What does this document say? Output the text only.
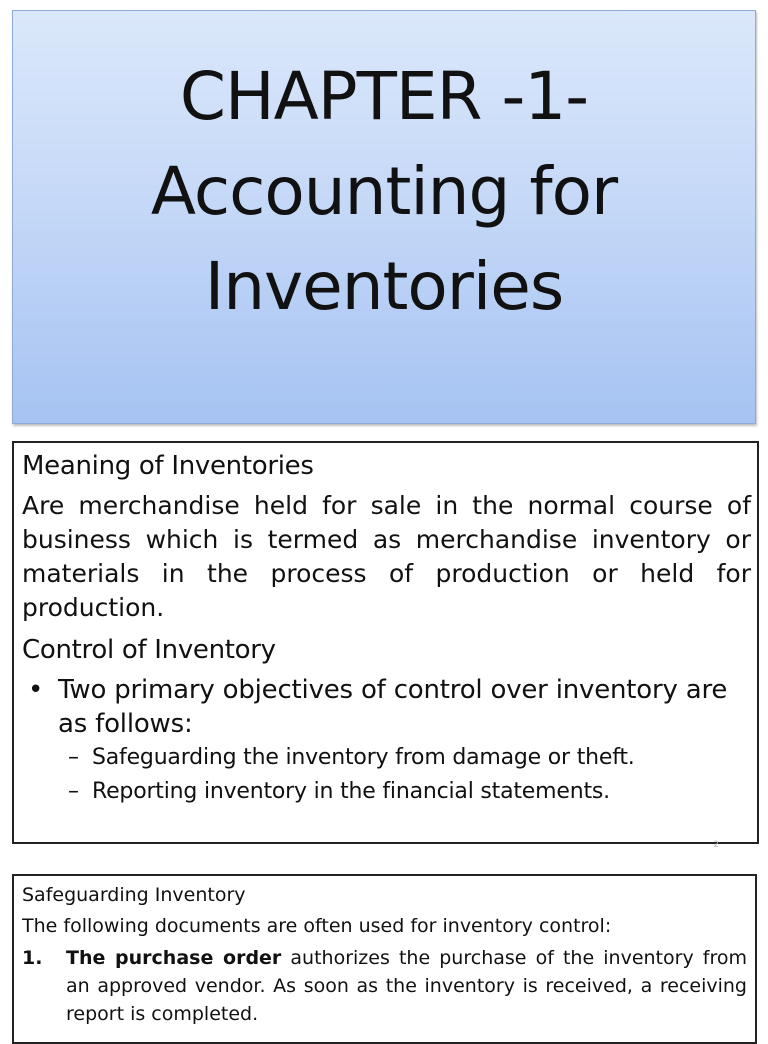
CHAPTER -1-
Accounting for
Inventories
Meaning of Inventories
Are merchandise held for sale in the normal course of business which is termed as merchandise inventory or materials in the process of production or held for production.
Control of Inventory
• Two primary objectives of control over inventory are as follows:
– Safeguarding the inventory from damage or theft.
– Reporting inventory in the financial statements.
2
Safeguarding Inventory
The following documents are often used for inventory control:
1. The purchase order authorizes the purchase of the inventory from an approved vendor. As soon as the inventory is received, a receiving report is completed.
